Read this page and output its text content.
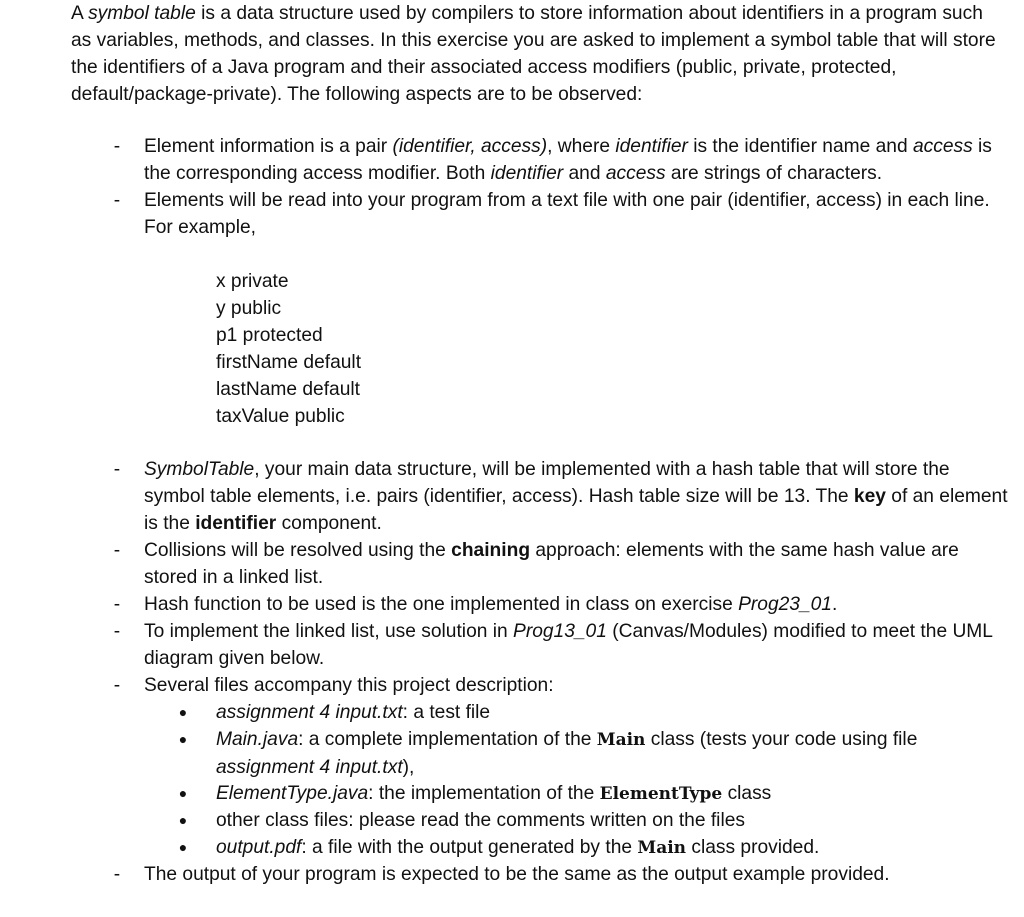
A symbol table is a data structure used by compilers to store information about identifiers in a program such as variables, methods, and classes. In this exercise you are asked to implement a symbol table that will store the identifiers of a Java program and their associated access modifiers (public, private, protected, default/package-private). The following aspects are to be observed:
- Element information is a pair (identifier, access), where identifier is the identifier name and access is the corresponding access modifier. Both identifier and access are strings of characters.
- Elements will be read into your program from a text file with one pair (identifier, access) in each line. For example,
x private
y public
p1 protected
firstName default
lastName default
taxValue public
- SymbolTable, your main data structure, will be implemented with a hash table that will store the symbol table elements, i.e. pairs (identifier, access). Hash table size will be 13. The key of an element is the identifier component.
- Collisions will be resolved using the chaining approach: elements with the same hash value are stored in a linked list.
- Hash function to be used is the one implemented in class on exercise Prog23_01.
- To implement the linked list, use solution in Prog13_01 (Canvas/Modules) modified to meet the UML diagram given below.
- Several files accompany this project description:
● assignment 4 input.txt: a test file
● Main.java: a complete implementation of the Main class (tests your code using file assignment 4 input.txt),
● ElementType.java: the implementation of the ElementType class
● other class files: please read the comments written on the files
● output.pdf: a file with the output generated by the Main class provided.
- The output of your program is expected to be the same as the output example provided.
